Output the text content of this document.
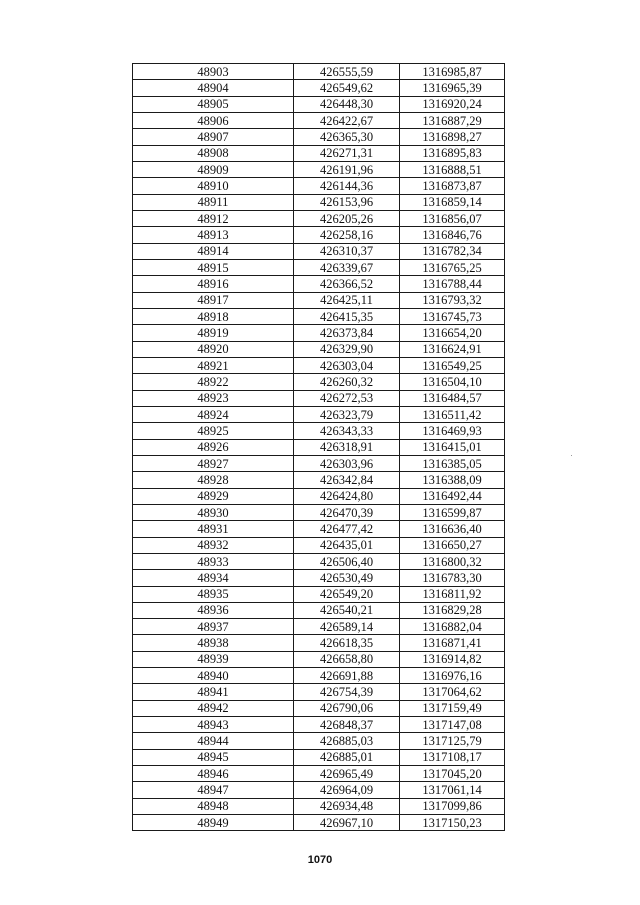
48903	426555,59	1316985,87
48904	426549,62	1316965,39
48905	426448,30	1316920,24
48906	426422,67	1316887,29
48907	426365,30	1316898,27
48908	426271,31	1316895,83
48909	426191,96	1316888,51
48910	426144,36	1316873,87
48911	426153,96	1316859,14
48912	426205,26	1316856,07
48913	426258,16	1316846,76
48914	426310,37	1316782,34
48915	426339,67	1316765,25
48916	426366,52	1316788,44
48917	426425,11	1316793,32
48918	426415,35	1316745,73
48919	426373,84	1316654,20
48920	426329,90	1316624,91
48921	426303,04	1316549,25
48922	426260,32	1316504,10
48923	426272,53	1316484,57
48924	426323,79	1316511,42
48925	426343,33	1316469,93
48926	426318,91	1316415,01
48927	426303,96	1316385,05
48928	426342,84	1316388,09
48929	426424,80	1316492,44
48930	426470,39	1316599,87
48931	426477,42	1316636,40
48932	426435,01	1316650,27
48933	426506,40	1316800,32
48934	426530,49	1316783,30
48935	426549,20	1316811,92
48936	426540,21	1316829,28
48937	426589,14	1316882,04
48938	426618,35	1316871,41
48939	426658,80	1316914,82
48940	426691,88	1316976,16
48941	426754,39	1317064,62
48942	426790,06	1317159,49
48943	426848,37	1317147,08
48944	426885,03	1317125,79
48945	426885,01	1317108,17
48946	426965,49	1317045,20
48947	426964,09	1317061,14
48948	426934,48	1317099,86
48949	426967,10	1317150,23
1070
